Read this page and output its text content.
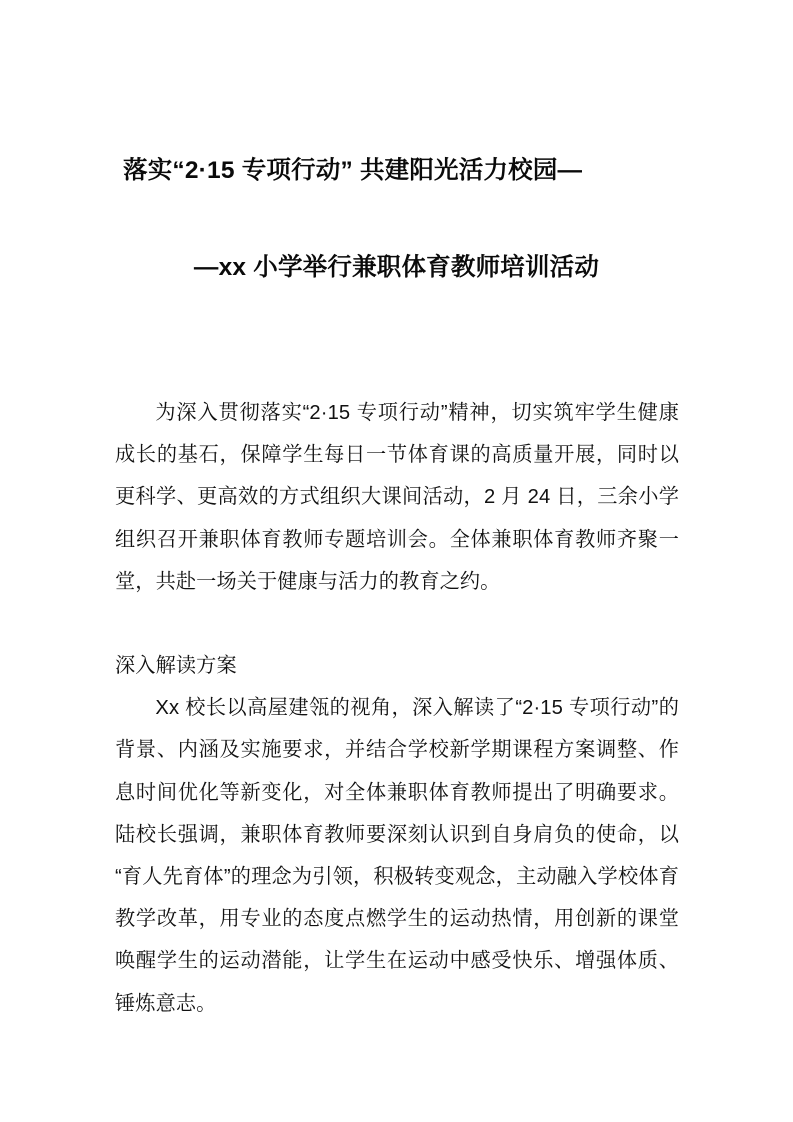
落实“2·15 专项行动” 共建阳光活力校园—
—xx 小学举行兼职体育教师培训活动

为深入贯彻落实“2·15 专项行动”精神，切实筑牢学生健康成长的基石，保障学生每日一节体育课的高质量开展，同时以更科学、更高效的方式组织大课间活动，2 月 24 日，三余小学组织召开兼职体育教师专题培训会。全体兼职体育教师齐聚一堂，共赴一场关于健康与活力的教育之约。

深入解读方案

Xx 校长以高屋建瓴的视角，深入解读了“2·15 专项行动”的背景、内涵及实施要求，并结合学校新学期课程方案调整、作息时间优化等新变化，对全体兼职体育教师提出了明确要求。陆校长强调，兼职体育教师要深刻认识到自身肩负的使命，以“育人先育体”的理念为引领，积极转变观念，主动融入学校体育教学改革，用专业的态度点燃学生的运动热情，用创新的课堂唤醒学生的运动潜能，让学生在运动中感受快乐、增强体质、锤炼意志。
